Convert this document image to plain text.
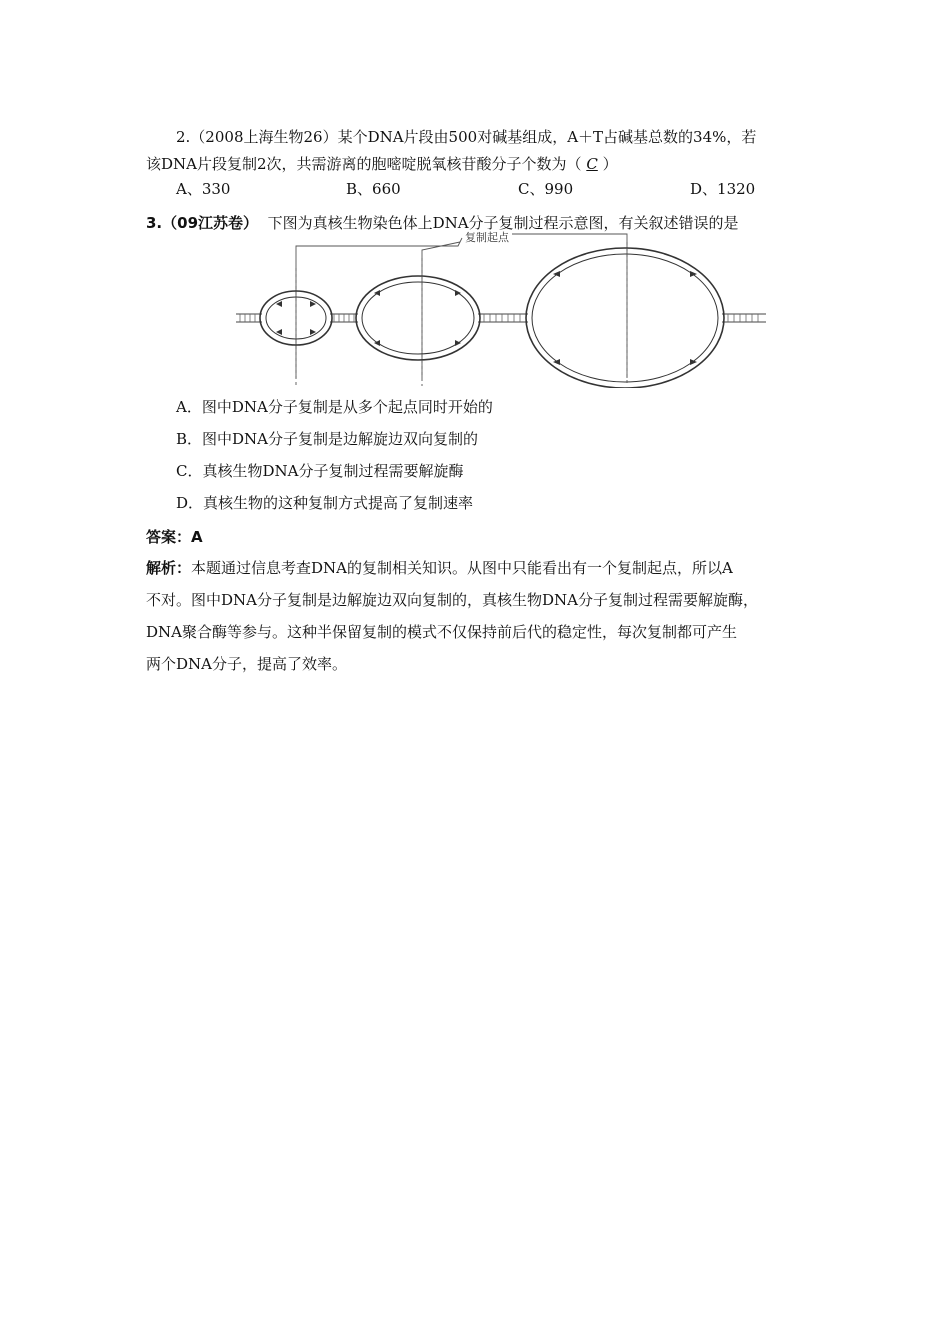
2.（2008上海生物26）某个DNA片段由500对碱基组成，A＋T占碱基总数的34%，若
该DNA片段复制2次，共需游离的胞嘧啶脱氧核苷酸分子个数为（ C ）
A、330	B、660	C、990	D、1320
3.（09江苏卷） 下图为真核生物染色体上DNA分子复制过程示意图，有关叙述错误的是
复制起点
A．图中DNA分子复制是从多个起点同时开始的
B．图中DNA分子复制是边解旋边双向复制的
C．真核生物DNA分子复制过程需要解旋酶
D．真核生物的这种复制方式提高了复制速率
答案：A
解析：本题通过信息考查DNA的复制相关知识。从图中只能看出有一个复制起点，所以A
不对。图中DNA分子复制是边解旋边双向复制的，真核生物DNA分子复制过程需要解旋酶，
DNA聚合酶等参与。这种半保留复制的模式不仅保持前后代的稳定性，每次复制都可产生
两个DNA分子，提高了效率。
